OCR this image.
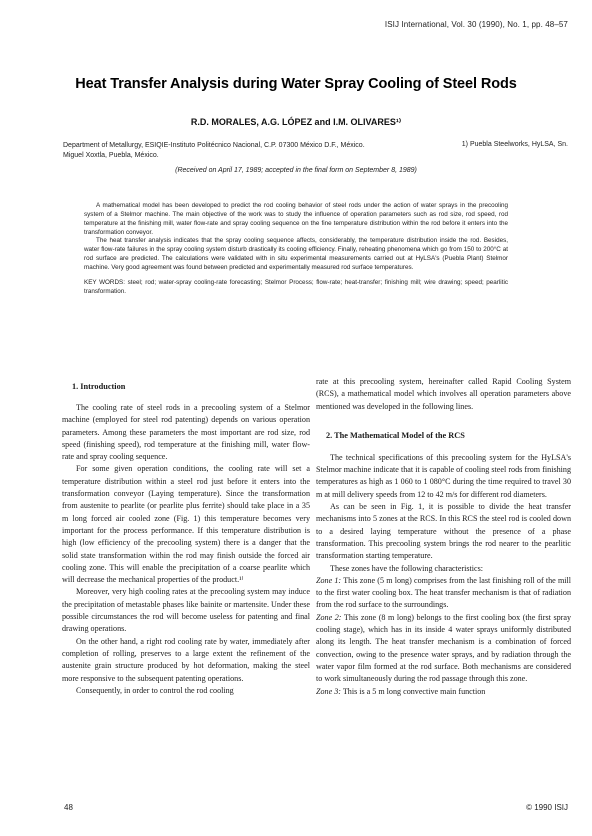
ISIJ International, Vol. 30 (1990), No. 1, pp. 48–57
Heat Transfer Analysis during Water Spray Cooling of Steel Rods
R.D. MORALES, A.G. LÓPEZ and I.M. OLIVARES¹⁾
Department of Metallurgy, ESIQIE-Instituto Politécnico Nacional, C.P. 07300 México D.F., México.
Miguel Xoxtla, Puebla, México.
1) Puebla Steelworks, HyLSA, Sn.
(Received on April 17, 1989; accepted in the final form on September 8, 1989)

A mathematical model has been developed to predict the rod cooling behavior of steel rods under the action of water sprays in the precooling system of a Stelmor machine. The main objective of the work was to study the influence of operation parameters such as rod size, rod speed, rod temperature at the finishing mill, water flow-rate and spray cooling sequence on the fine temperature distribution within the rod before it enters into the transformation conveyor.

The heat transfer analysis indicates that the spray cooling sequence affects, considerably, the temperature distribution inside the rod. Besides, water flow-rate failures in the spray cooling system disturb drastically its cooling efficiency. Finally, reheating phenomena which go from 150 to 200°C at rod surface are predicted. The calculations were validated with in situ experimental measurements carried out at HyLSA's (Puebla Plant) Stelmor machine. Very good agreement was found between predicted and experimentally measured rod surface temperatures.

KEY WORDS: steel; rod; water-spray cooling-rate forecasting; Stelmor Process; flow-rate; heat-transfer; finishing mill; wire drawing; speed; pearlitic transformation.

1. Introduction

The cooling rate of steel rods in a precooling system of a Stelmor machine (employed for steel rod patenting) depends on various operation parameters. Among these parameters the most important are rod size, rod speed (finishing speed), rod temperature at the finishing mill, water flow-rate and spray cooling sequence.

For some given operation conditions, the cooling rate will set a temperature distribution within a steel rod just before it enters into the transformation conveyor (Laying temperature). Since the transformation from austenite to pearlite (or pearlite plus ferrite) should take place in a 35 m long forced air cooled zone (Fig. 1) this temperature becomes very important for the process performance. If this temperature distribution is high (low efficiency of the precooling system) there is a danger that the solid state transformation within the rod may finish outside the forced air cooling zone. This will enable the precipitation of a coarse pearlite which will decrease the mechanical properties of the product.¹⁾

Moreover, very high cooling rates at the precooling system may induce the precipitation of metastable phases like bainite or martensite. Under these possible circumstances the rod will become useless for patenting and final drawing operations.

On the other hand, a right rod cooling rate by water, immediately after completion of rolling, preserves to a large extent the refinement of the austenite grain structure produced by hot deformation, making the steel more responsive to the subsequent patenting operations.

Consequently, in order to control the rod cooling

rate at this precooling system, hereinafter called Rapid Cooling System (RCS), a mathematical model which involves all operation parameters above mentioned was developed in the following lines.

2. The Mathematical Model of the RCS

The technical specifications of this precooling system for the HyLSA's Stelmor machine indicate that it is capable of cooling steel rods from finishing temperatures as high as 1 060 to 1 080°C during the time required to travel 30 m at mill delivery speeds from 12 to 42 m/s for different rod diameters.

As can be seen in Fig. 1, it is possible to divide the heat transfer mechanisms into 5 zones at the RCS. In this RCS the steel rod is cooled down to a desired laying temperature without the presence of a phase transformation. This precooling system brings the rod nearer to the pearlitic transformation starting temperature.

These zones have the following characteristics:

Zone 1: This zone (5 m long) comprises from the last finishing roll of the mill to the first water cooling box. The heat transfer mechanism is that of radiation from the rod surface to the surroundings.

Zone 2: This zone (8 m long) belongs to the first cooling box (the first spray cooling stage), which has in its inside 4 water sprays uniformly distributed along its length. The heat transfer mechanism is a combination of forced convection, owing to the presence water sprays, and by radiation through the water vapor film formed at the rod surface. Both mechanisms are considered to work simultaneously during the rod passage through this zone.

Zone 3: This is a 5 m long convective main function

48	© 1990 ISIJ
